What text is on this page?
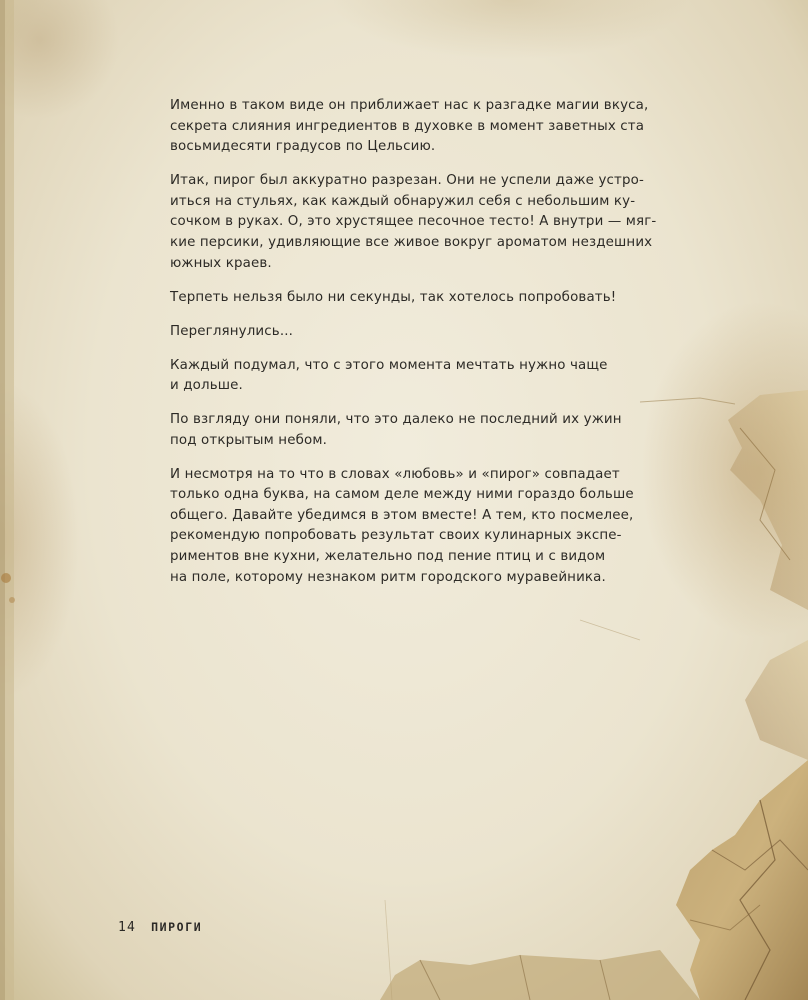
Именно в таком виде он приближает нас к разгадке магии вкуса,
секрета слияния ингредиентов в духовке в момент заветных ста
восьмидесяти градусов по Цельсию.

Итак, пирог был аккуратно разрезан. Они не успели даже устро-
иться на стульях, как каждый обнаружил себя с небольшим ку-
сочком в руках. О, это хрустящее песочное тесто! А внутри — мяг-
кие персики, удивляющие все живое вокруг ароматом нездешних
южных краев.

Терпеть нельзя было ни секунды, так хотелось попробовать!

Переглянулись...

Каждый подумал, что с этого момента мечтать нужно чаще
и дольше.

По взгляду они поняли, что это далеко не последний их ужин
под открытым небом.

И несмотря на то что в словах «любовь» и «пирог» совпадает
только одна буква, на самом деле между ними гораздо больше
общего. Давайте убедимся в этом вместе! А тем, кто посмелее,
рекомендую попробовать результат своих кулинарных экспе-
риментов вне кухни, желательно под пение птиц и с видом
на поле, которому незнаком ритм городского муравейника.

14 ПИРОГИ
